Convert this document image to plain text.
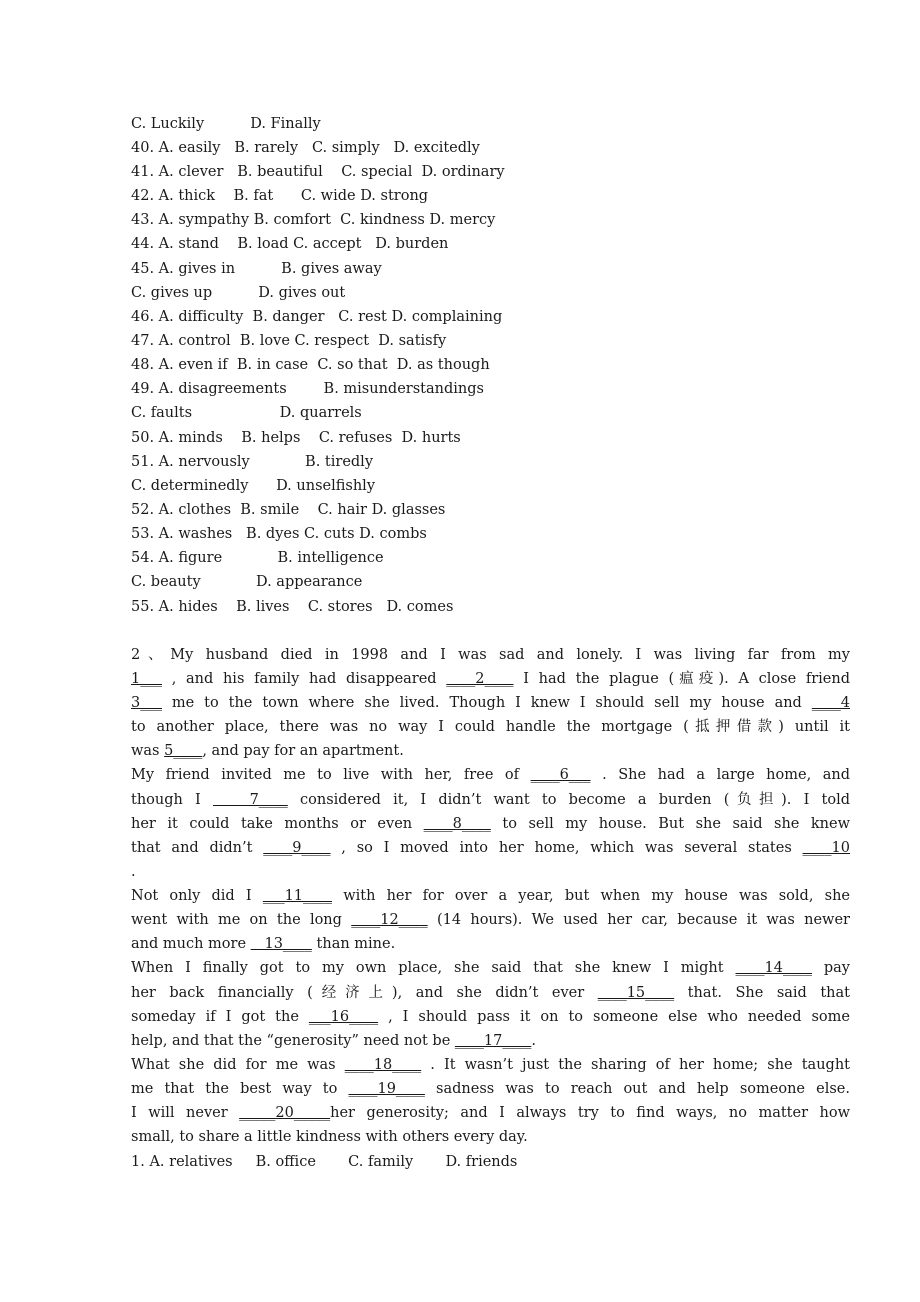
C. Luckily          D. Finally
40. A. easily   B. rarely   C. simply   D. excitedly
41. A. clever   B. beautiful    C. special  D. ordinary
42. A. thick    B. fat      C. wide D. strong
43. A. sympathy B. comfort  C. kindness D. mercy
44. A. stand    B. load C. accept   D. burden
45. A. gives in          B. gives away
C. gives up          D. gives out
46. A. difficulty  B. danger   C. rest D. complaining
47. A. control  B. love C. respect  D. satisfy
48. A. even if  B. in case  C. so that  D. as though
49. A. disagreements        B. misunderstandings
C. faults                   D. quarrels
50. A. minds    B. helps    C. refuses  D. hurts
51. A. nervously            B. tiredly
C. determinedly      D. unselfishly
52. A. clothes  B. smile    C. hair D. glasses
53. A. washes   B. dyes C. cuts D. combs
54. A. figure            B. intelligence
C. beauty            D. appearance
55. A. hides    B. lives    C. stores   D. comes
2、My husband died in 1998 and I was sad and lonely. I was living far from my
1___ , and his family had disappeared ____2____ I had the plague (瘟疫). A close friend
3___ me to the town where she lived. Though I knew I should sell my house and ____4
to another place, there was no way I could handle the mortgage (抵押借款) until it
was 5____, and pay for an apartment.
My friend invited me to live with her, free of ____6___ . She had a large home, and
though I    7____ considered it, I didn’t want to become a burden (负担). I told
her it could take months or even ____8____ to sell my house. But she said she knew
that and didn’t ____9____ , so I moved into her home, which was several states ____10
.
Not only did I ___11____ with her for over a year, but when my house was sold, she
went with me on the long ____12____ (14 hours). We used her car, because it was newer
and much more    13____ than mine.
When I finally got to my own place, she said that she knew I might ____14____ pay
her back financially (经济上), and she didn’t ever ____15____ that. She said that
someday if I got the ___16____ , I should pass it on to someone else who needed some
help, and that the “generosity” need not be ____17____.
What she did for me was ____18____ . It wasn’t just the sharing of her home; she taught
me that the best way to ____19____ sadness was to reach out and help someone else.
I will never _____20_____her generosity; and I always try to find ways, no matter how
small, to share a little kindness with others every day.
1. A. relatives     B. office       C. family       D. friends
